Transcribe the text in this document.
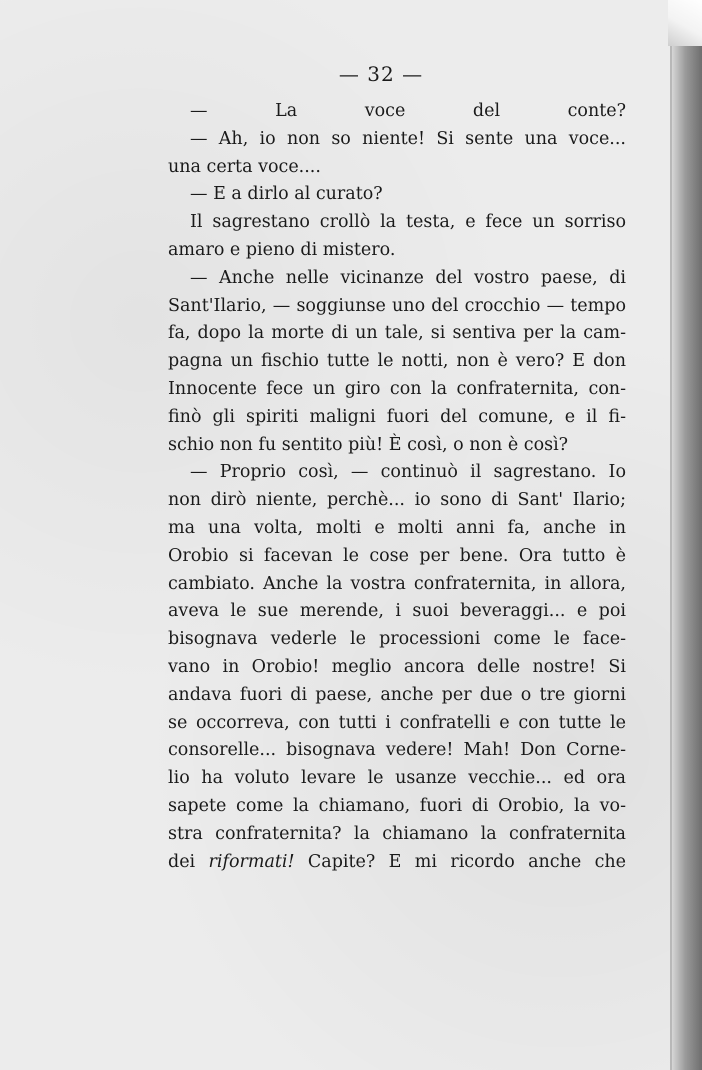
— 32 —
— La voce del conte?
— Ah, io non so niente! Si sente una voce...
una certa voce....
— E a dirlo al curato?
Il sagrestano crollò la testa, e fece un sorriso
amaro e pieno di mistero.
— Anche nelle vicinanze del vostro paese, di
Sant'Ilario, — soggiunse uno del crocchio — tempo
fa, dopo la morte di un tale, si sentiva per la cam-
pagna un fischio tutte le notti, non è vero? E don
Innocente fece un giro con la confraternita, con-
finò gli spiriti maligni fuori del comune, e il fi-
schio non fu sentito più! È così, o non è così?
— Proprio così, — continuò il sagrestano. Io
non dirò niente, perchè... io sono di Sant' Ilario;
ma una volta, molti e molti anni fa, anche in
Orobio si facevan le cose per bene. Ora tutto è
cambiato. Anche la vostra confraternita, in allora,
aveva le sue merende, i suoi beveraggi... e poi
bisognava vederle le processioni come le face-
vano in Orobio! meglio ancora delle nostre! Si
andava fuori di paese, anche per due o tre giorni
se occorreva, con tutti i confratelli e con tutte le
consorelle... bisognava vedere! Mah! Don Corne-
lio ha voluto levare le usanze vecchie... ed ora
sapete come la chiamano, fuori di Orobio, la vo-
stra confraternita? la chiamano la confraternita
dei riformati! Capite? E mi ricordo anche che
